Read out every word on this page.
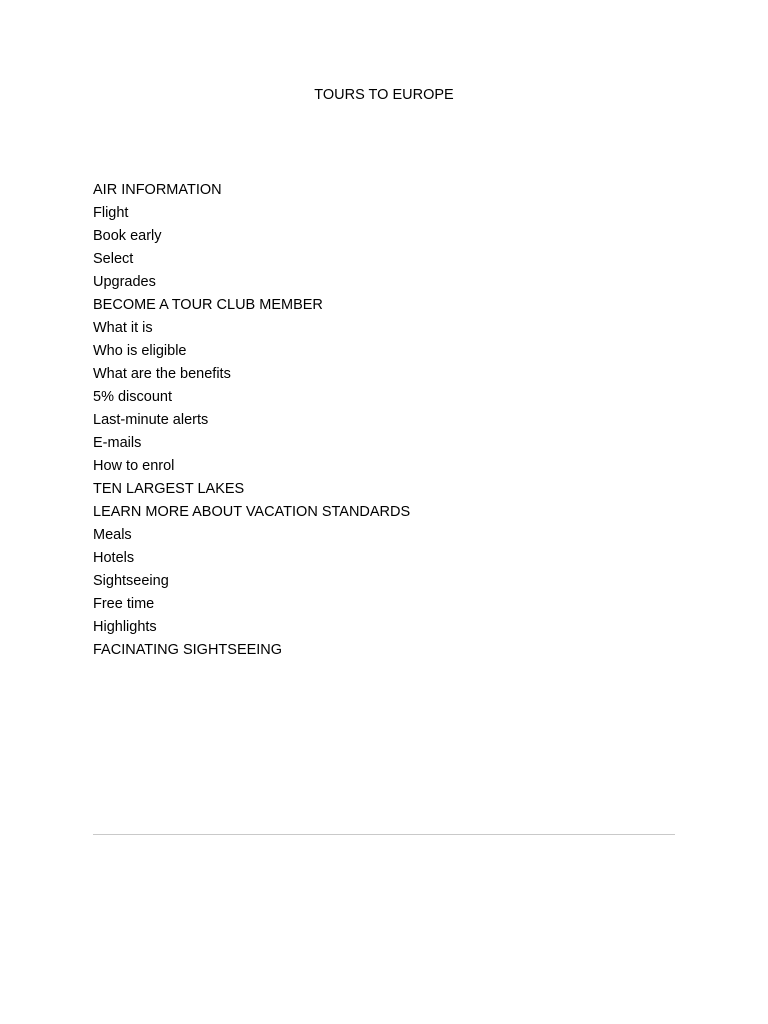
TOURS TO EUROPE
AIR INFORMATION
Flight
Book early
Select
Upgrades
BECOME A TOUR CLUB MEMBER
What it is
Who is eligible
What are the benefits
5% discount
Last-minute alerts
E-mails
How to enrol
TEN LARGEST LAKES
LEARN MORE ABOUT VACATION STANDARDS
Meals
Hotels
Sightseeing
Free time
Highlights
FACINATING SIGHTSEEING
